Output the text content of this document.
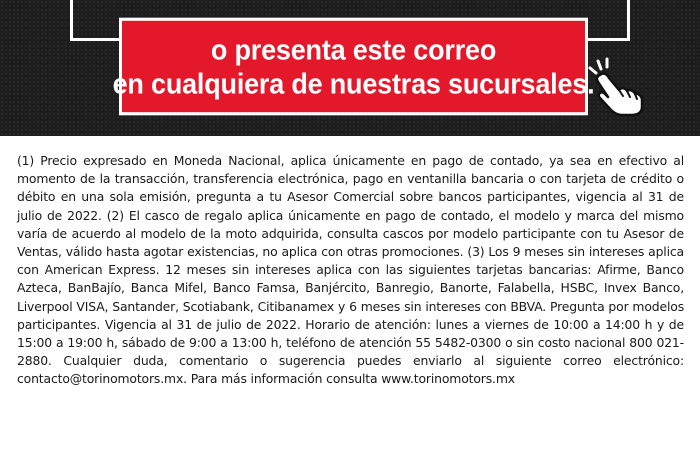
o presenta este correo
en cualquiera de nuestras sucursales.

(1) Precio expresado en Moneda Nacional, aplica únicamente en pago de contado, ya sea en efectivo al momento de la transacción, transferencia electrónica, pago en ventanilla bancaria o con tarjeta de crédito o débito en una sola emisión, pregunta a tu Asesor Comercial sobre bancos participantes, vigencia al 31 de julio de 2022. (2) El casco de regalo aplica únicamente en pago de contado, el modelo y marca del mismo varía de acuerdo al modelo de la moto adquirida, consulta cascos por modelo participante con tu Asesor de Ventas, válido hasta agotar existencias, no aplica con otras promociones. (3) Los 9 meses sin intereses aplica con American Express. 12 meses sin intereses aplica con las siguientes tarjetas bancarias: Afirme, Banco Azteca, BanBajío, Banca Mifel, Banco Famsa, Banjército, Banregio, Banorte, Falabella, HSBC, Invex Banco, Liverpool VISA, Santander, Scotiabank, Citibanamex y 6 meses sin intereses con BBVA. Pregunta por modelos participantes. Vigencia al 31 de julio de 2022. Horario de atención: lunes a viernes de 10:00 a 14:00 h y de 15:00 a 19:00 h, sábado de 9:00 a 13:00 h, teléfono de atención 55 5482-0300 o sin costo nacional 800 021-2880. Cualquier duda, comentario o sugerencia puedes enviarlo al siguiente correo electrónico: contacto@torinomotors.mx. Para más información consulta www.torinomotors.mx
